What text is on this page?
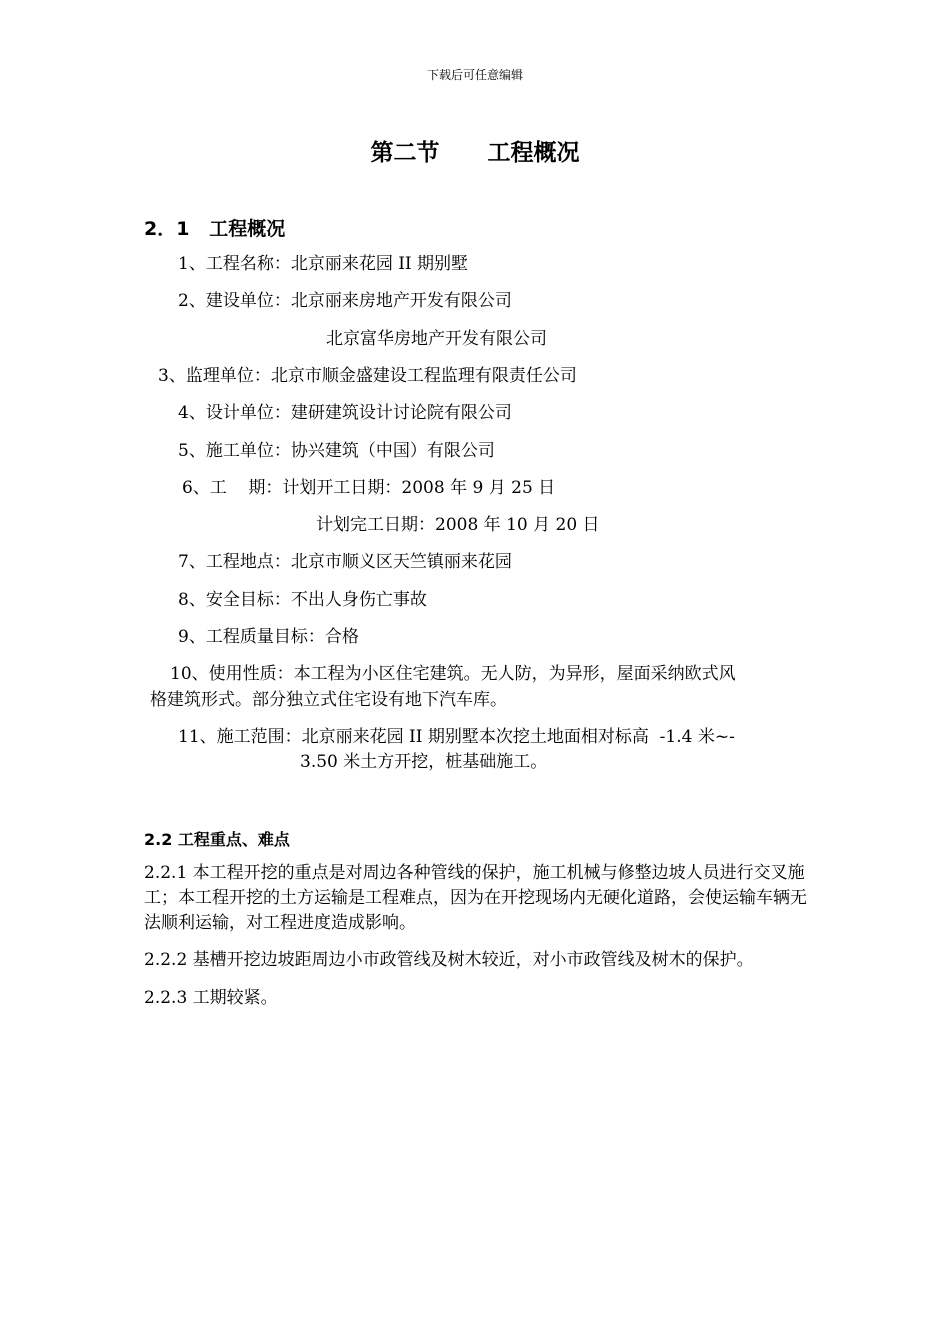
下载后可任意编辑
第二节      工程概况
2．1   工程概况
1、工程名称：北京丽来花园 II 期别墅
2、建设单位：北京丽来房地产开发有限公司
北京富华房地产开发有限公司
3、监理单位：北京市顺金盛建设工程监理有限责任公司
4、设计单位：建研建筑设计讨论院有限公司
5、施工单位：协兴建筑（中国）有限公司
6、工    期：计划开工日期：2008 年 9 月 25 日
计划完工日期：2008 年 10 月 20 日
7、工程地点：北京市顺义区天竺镇丽来花园
8、安全目标：不出人身伤亡事故
9、工程质量目标：合格
10、使用性质：本工程为小区住宅建筑。无人防，为异形，屋面采纳欧式风
格建筑形式。部分独立式住宅设有地下汽车库。
11、施工范围：北京丽来花园 II 期别墅本次挖土地面相对标高  -1.4 米~-
3.50 米土方开挖，桩基础施工。
2.2 工程重点、难点
2.2.1 本工程开挖的重点是对周边各种管线的保护，施工机械与修整边坡人员进行交叉施工；本工程开挖的土方运输是工程难点，因为在开挖现场内无硬化道路，会使运输车辆无法顺利运输，对工程进度造成影响。
2.2.2 基槽开挖边坡距周边小市政管线及树木较近，对小市政管线及树木的保护。
2.2.3 工期较紧。
